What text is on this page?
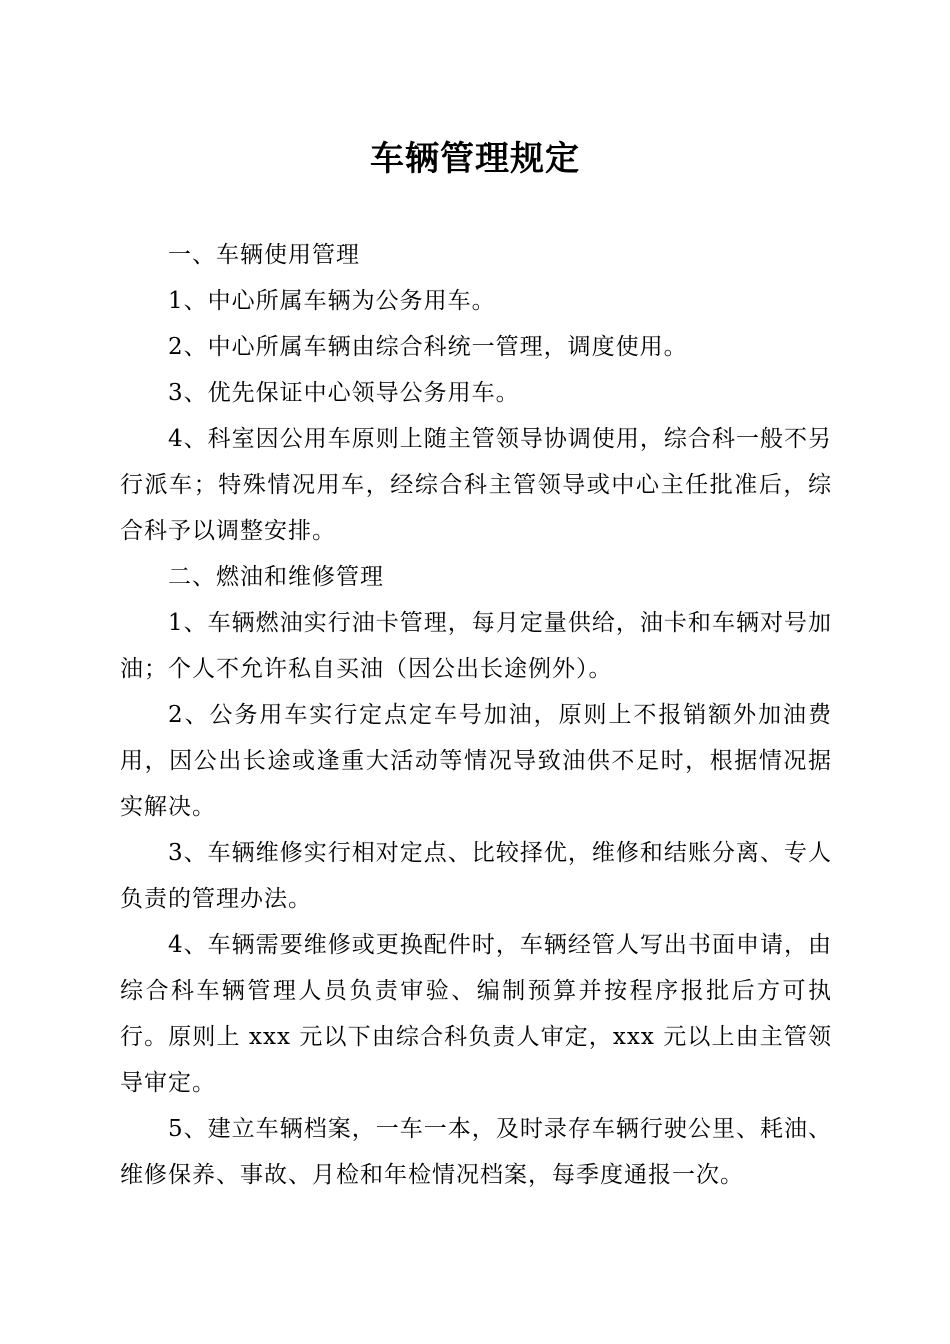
车辆管理规定

一、车辆使用管理

1、中心所属车辆为公务用车。

2、中心所属车辆由综合科统一管理，调度使用。

3、优先保证中心领导公务用车。

4、科室因公用车原则上随主管领导协调使用，综合科一般不另行派车；特殊情况用车，经综合科主管领导或中心主任批准后，综合科予以调整安排。

二、燃油和维修管理

1、车辆燃油实行油卡管理，每月定量供给，油卡和车辆对号加油；个人不允许私自买油（因公出长途例外）。

2、公务用车实行定点定车号加油，原则上不报销额外加油费用，因公出长途或逢重大活动等情况导致油供不足时，根据情况据实解决。

3、车辆维修实行相对定点、比较择优，维修和结账分离、专人负责的管理办法。

4、车辆需要维修或更换配件时，车辆经管人写出书面申请，由综合科车辆管理人员负责审验、编制预算并按程序报批后方可执行。原则上 xxx 元以下由综合科负责人审定，xxx 元以上由主管领导审定。

5、建立车辆档案，一车一本，及时录存车辆行驶公里、耗油、维修保养、事故、月检和年检情况档案，每季度通报一次。
